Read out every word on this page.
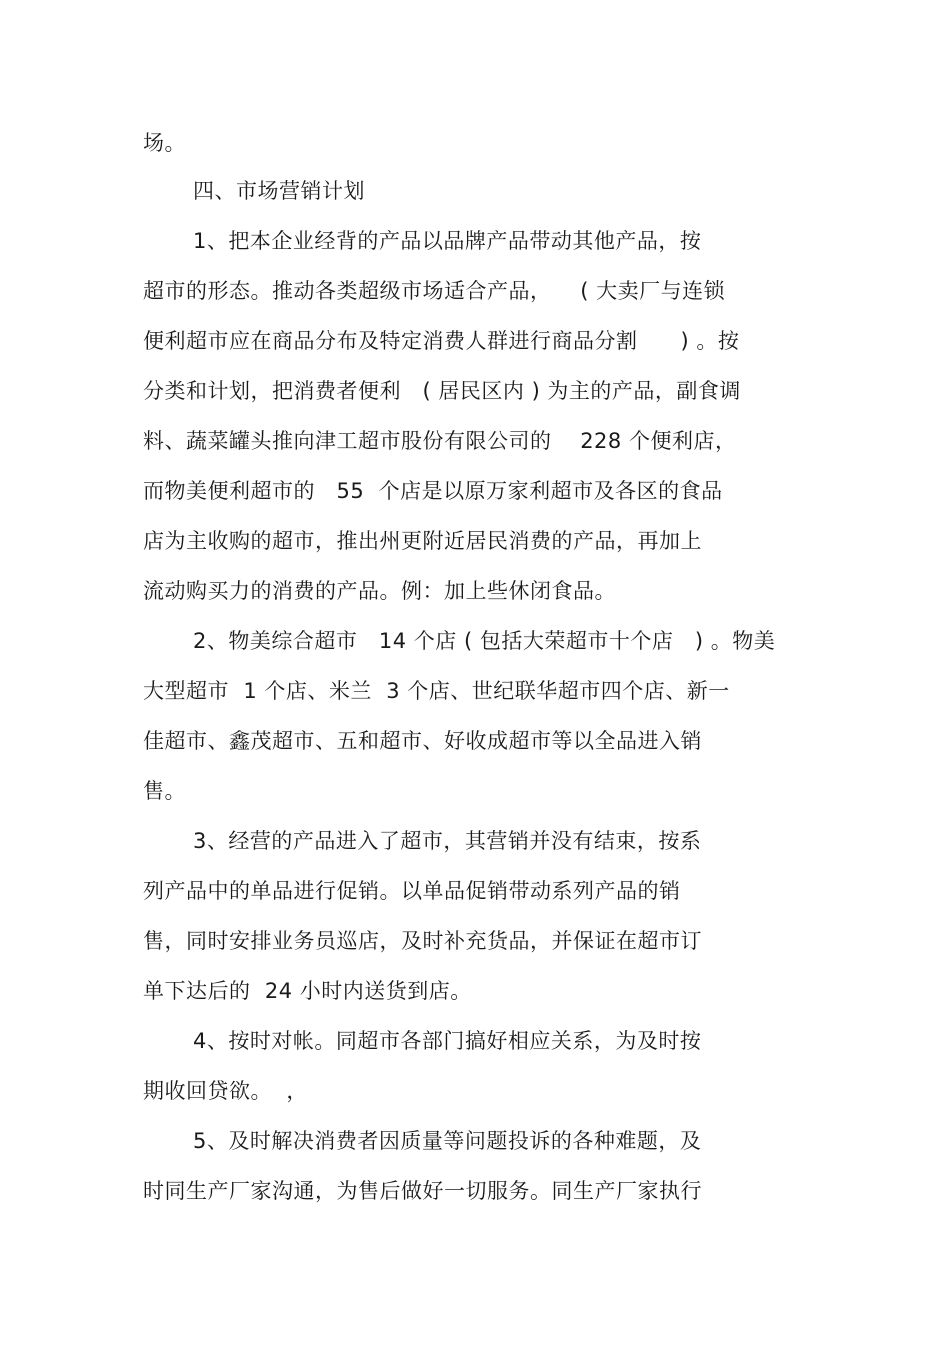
场。
四、市场营销计划
1、把本企业经背的产品以品牌产品带动其他产品，按
超市的形态。推动各类超级市场适合产品，    ( 大卖厂与连锁
便利超市应在商品分布及特定消费人群进行商品分割      ) 。按
分类和计划，把消费者便利   ( 居民区内 ) 为主的产品，副食调
料、蔬菜罐头推向津工超市股份有限公司的    228 个便利店，
而物美便利超市的   55  个店是以原万家利超市及各区的食品
店为主收购的超市，推出州更附近居民消费的产品，再加上
流动购买力的消费的产品。例：加上些休闭食品。
2、物美综合超市   14 个店 ( 包括大荣超市十个店   ) 。物美
大型超市  1 个店、米兰  3 个店、世纪联华超市四个店、新一
佳超市、鑫茂超市、五和超市、好收成超市等以全品进入销
售。
3、经营的产品进入了超市，其营销并没有结束，按系
列产品中的单品进行促销。以单品促销带动系列产品的销
售，同时安排业务员巡店，及时补充货品，并保证在超市订
单下达后的  24 小时内送货到店。
4、按时对帐。同超市各部门搞好相应关系，为及时按
期收回贷欲。  ，
5、及时解决消费者因质量等问题投诉的各种难题，及
时同生产厂家沟通，为售后做好一切服务。同生产厂家执行
